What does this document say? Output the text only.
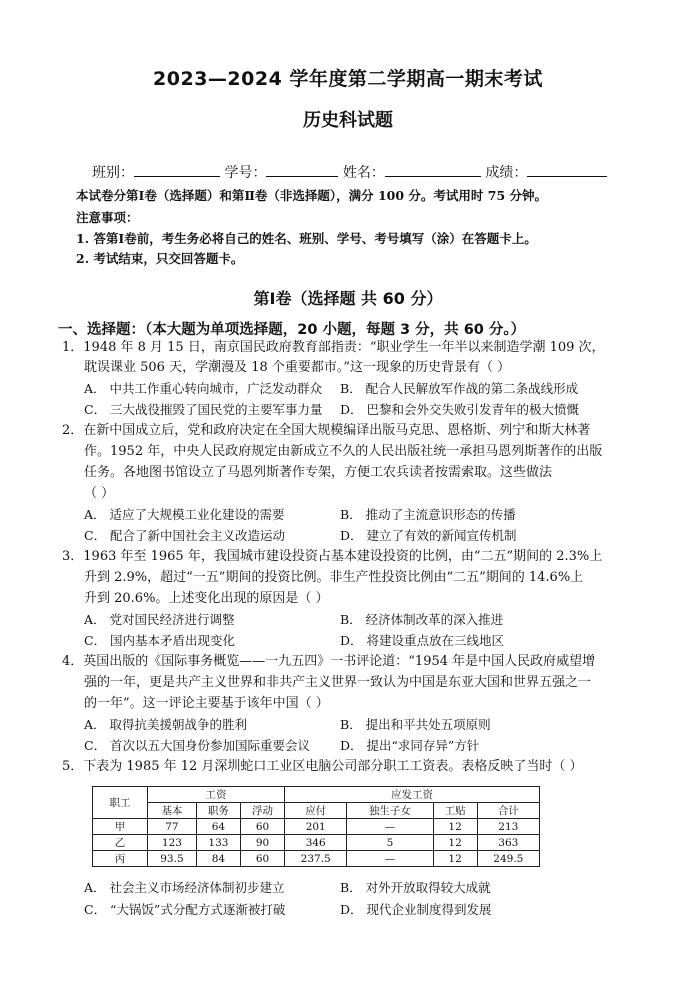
2023—2024 学年度第二学期高一期末考试
历史科试题
班别：	学号：	姓名：	成绩：
本试卷分第Ⅰ卷（选择题）和第Ⅱ卷（非选择题），满分 100 分。考试用时 75 分钟。
注意事项：
1. 答第Ⅰ卷前，考生务必将自己的姓名、班别、学号、考号填写（涂）在答题卡上。
2. 考试结束，只交回答题卡。
第Ⅰ卷（选择题 共 60 分）
一、选择题：（本大题为单项选择题，20 小题，每题 3 分，共 60 分。）
1．1948 年 8 月 15 日，南京国民政府教育部指责：“职业学生一年半以来制造学潮 109 次，
耽误课业 506 天，学潮漫及 18 个重要都市。”这一现象的历史背景有（ ）
A． 中共工作重心转向城市，广泛发动群众 B． 配合人民解放军作战的第二条战线形成
C． 三大战役摧毁了国民党的主要军事力量 D． 巴黎和会外交失败引发青年的极大愤慨
2．在新中国成立后，党和政府决定在全国大规模编译出版马克思、恩格斯、列宁和斯大林著
作。1952 年，中央人民政府规定由新成立不久的人民出版社统一承担马恩列斯著作的出版
任务。各地图书馆设立了马恩列斯著作专架，方便工农兵读者按需索取。这些做法
（ ）
A． 适应了大规模工业化建设的需要	B． 推动了主流意识形态的传播
C． 配合了新中国社会主义改造运动	D． 建立了有效的新闻宣传机制
3．1963 年至 1965 年，我国城市建设投资占基本建设投资的比例，由“二五”期间的 2.3%上
升到 2.9%，超过“一五”期间的投资比例。非生产性投资比例由“二五”期间的 14.6%上
升到 20.6%。上述变化出现的原因是（ ）
A． 党对国民经济进行调整	B． 经济体制改革的深入推进
C． 国内基本矛盾出现变化	D． 将建设重点放在三线地区
4．英国出版的《国际事务概览——一九五四》一书评论道：“1954 年是中国人民政府威望增
强的一年，更是共产主义世界和非共产主义世界一致认为中国是东亚大国和世界五强之一
的一年”。这一评论主要基于该年中国（ ）
A． 取得抗美援朝战争的胜利	B． 提出和平共处五项原则
C． 首次以五大国身份参加国际重要会议 D． 提出“求同存异”方针
5．下表为 1985 年 12 月深圳蛇口工业区电脑公司部分职工工资表。表格反映了当时（ ）
职工	工资			应发工资			
	基本	职务	浮动	应付	独生子女	工贴	合计
甲	77	64	60	201	—	12	213
乙	123	133	90	346	5	12	363
丙	93.5	84	60	237.5	—	12	249.5
A． 社会主义市场经济体制初步建立	B． 对外开放取得较大成就
C． “大锅饭”式分配方式逐渐被打破	D． 现代企业制度得到发展
